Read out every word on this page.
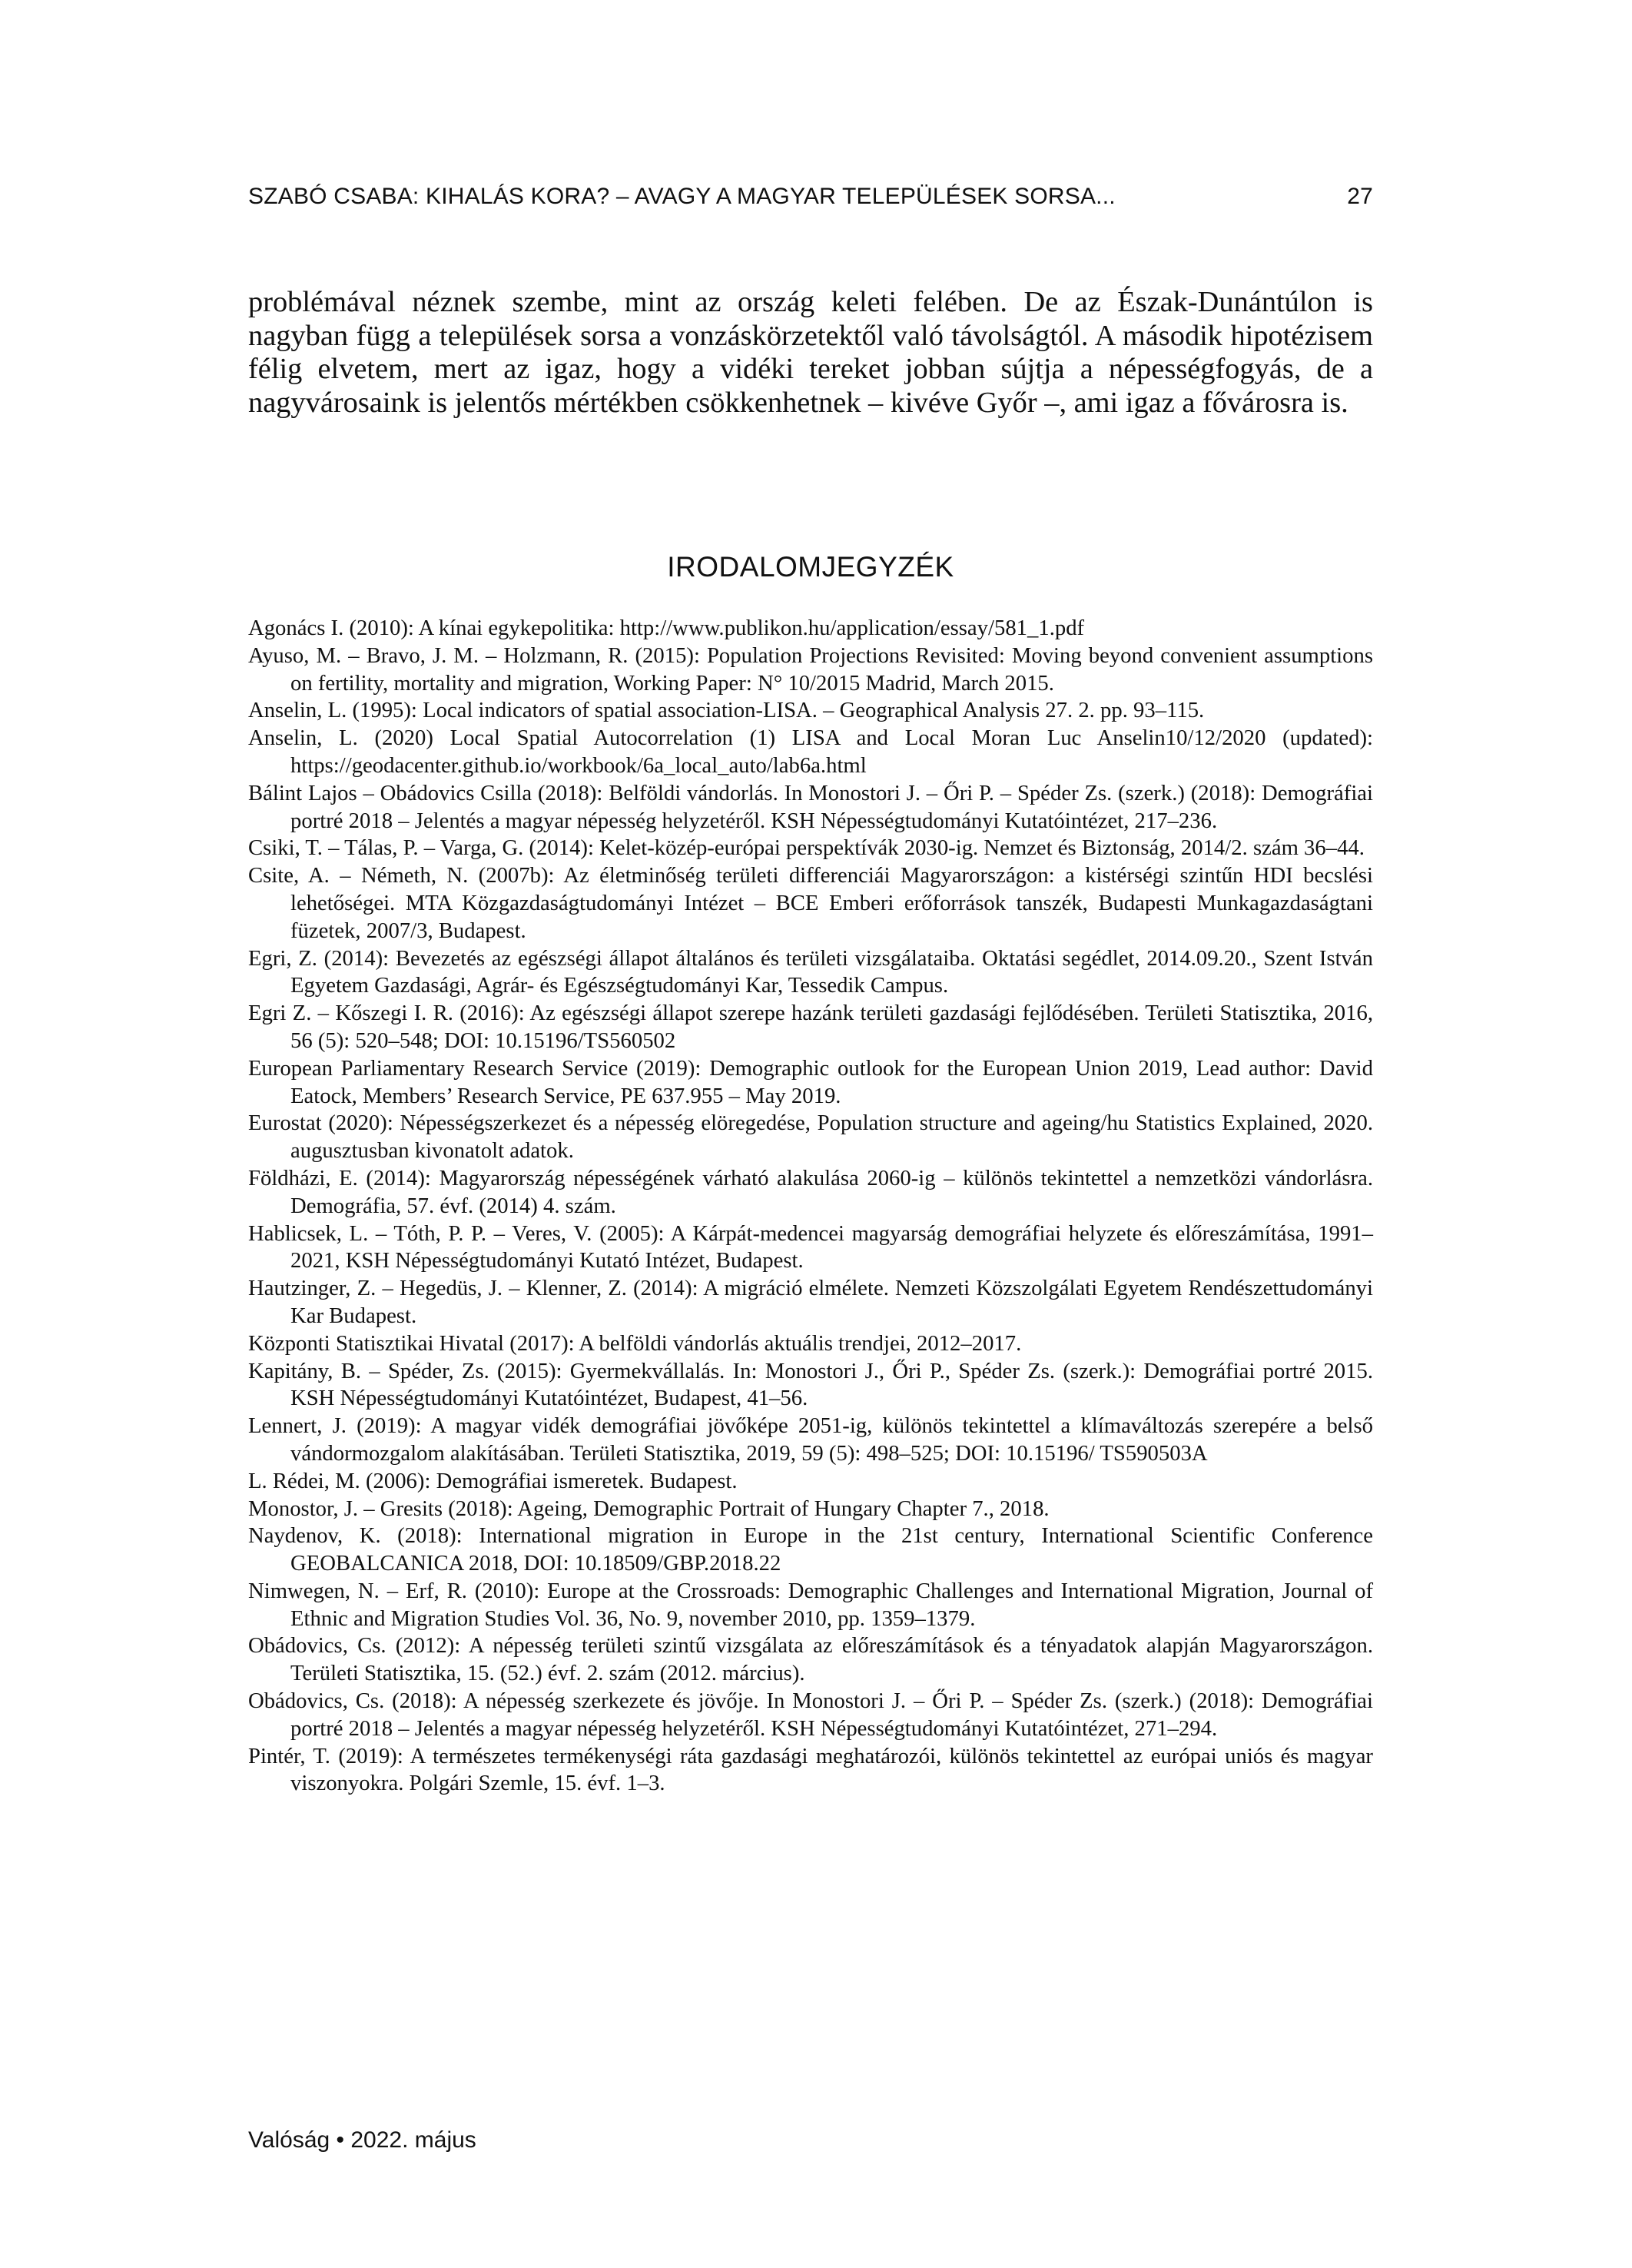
SZABÓ CSABA: KIHALÁS KORA? – AVAGY A MAGYAR TELEPÜLÉSEK SORSA...	27

problémával néznek szembe, mint az ország keleti felében. De az Észak-Dunántúlon is nagyban függ a települések sorsa a vonzáskörzetektől való távolságtól. A második hipotézisem félig elvetem, mert az igaz, hogy a vidéki tereket jobban sújtja a népességfogyás, de a nagyvárosaink is jelentős mértékben csökkenhetnek – kivéve Győr –, ami igaz a fővárosra is.

IRODALOMJEGYZÉK
Agonács I. (2010): A kínai egykepolitika: http://www.publikon.hu/application/essay/581_1.pdf
Ayuso, M. – Bravo, J. M. – Holzmann, R. (2015): Population Projections Revisited: Moving beyond convenient assumptions on fertility, mortality and migration, Working Paper: N° 10/2015 Madrid, March 2015.
Anselin, L. (1995): Local indicators of spatial association-LISA. – Geographical Analysis 27. 2. pp. 93–115.
Anselin, L. (2020) Local Spatial Autocorrelation (1) LISA and Local Moran Luc Anselin10/12/2020 (updated): https://geodacenter.github.io/workbook/6a_local_auto/lab6a.html
Bálint Lajos – Obádovics Csilla (2018): Belföldi vándorlás. In Monostori J. – Őri P. – Spéder Zs. (szerk.) (2018): Demográfiai portré 2018 – Jelentés a magyar népesség helyzetéről. KSH Népességtudományi Kutatóintézet, 217–236.
Csiki, T. – Tálas, P. – Varga, G. (2014): Kelet-közép-európai perspektívák 2030-ig. Nemzet és Biztonság, 2014/2. szám 36–44.
Csite, A. – Németh, N. (2007b): Az életminőség területi differenciái Magyarországon: a kistérségi szintűn HDI becslési lehetőségei. MTA Közgazdaságtudományi Intézet – BCE Emberi erőforrások tanszék, Budapesti Munkagazdaságtani füzetek, 2007/3, Budapest.
Egri, Z. (2014): Bevezetés az egészségi állapot általános és területi vizsgálataiba. Oktatási segédlet, 2014.09.20., Szent István Egyetem Gazdasági, Agrár- és Egészségtudományi Kar, Tessedik Campus.
Egri Z. – Kőszegi I. R. (2016): Az egészségi állapot szerepe hazánk területi gazdasági fejlődésében. Területi Statisztika, 2016, 56 (5): 520–548; DOI: 10.15196/TS560502
European Parliamentary Research Service (2019): Demographic outlook for the European Union 2019, Lead author: David Eatock, Members’ Research Service, PE 637.955 – May 2019.
Eurostat (2020): Népességszerkezet és a népesség elöregedése, Population structure and ageing/hu Statistics Explained, 2020. augusztusban kivonatolt adatok.
Földházi, E. (2014): Magyarország népességének várható alakulása 2060-ig – különös tekintettel a nemzetközi vándorlásra. Demográfia, 57. évf. (2014) 4. szám.
Hablicsek, L. – Tóth, P. P. – Veres, V. (2005): A Kárpát-medencei magyarság demográfiai helyzete és előreszámítása, 1991–2021, KSH Népességtudományi Kutató Intézet, Budapest.
Hautzinger, Z. – Hegedüs, J. – Klenner, Z. (2014): A migráció elmélete. Nemzeti Közszolgálati Egyetem Rendészettudományi Kar Budapest.
Központi Statisztikai Hivatal (2017): A belföldi vándorlás aktuális trendjei, 2012–2017.
Kapitány, B. – Spéder, Zs. (2015): Gyermekvállalás. In: Monostori J., Őri P., Spéder Zs. (szerk.): Demográfiai portré 2015. KSH Népességtudományi Kutatóintézet, Budapest, 41–56.
Lennert, J. (2019): A magyar vidék demográfiai jövőképe 2051-ig, különös tekintettel a klímaváltozás szerepére a belső vándormozgalom alakításában. Területi Statisztika, 2019, 59 (5): 498–525; DOI: 10.15196/ TS590503A
L. Rédei, M. (2006): Demográfiai ismeretek. Budapest.
Monostor, J. – Gresits (2018): Ageing, Demographic Portrait of Hungary Chapter 7., 2018.
Naydenov, K. (2018): International migration in Europe in the 21st century, International Scientific Conference GEOBALCANICA 2018, DOI: 10.18509/GBP.2018.22
Nimwegen, N. – Erf, R. (2010): Europe at the Crossroads: Demographic Challenges and International Migration, Journal of Ethnic and Migration Studies Vol. 36, No. 9, november 2010, pp. 1359–1379.
Obádovics, Cs. (2012): A népesség területi szintű vizsgálata az előreszámítások és a tényadatok alapján Magyarországon. Területi Statisztika, 15. (52.) évf. 2. szám (2012. március).
Obádovics, Cs. (2018): A népesség szerkezete és jövője. In Monostori J. – Őri P. – Spéder Zs. (szerk.) (2018): Demográfiai portré 2018 – Jelentés a magyar népesség helyzetéről. KSH Népességtudományi Kutatóintézet, 271–294.
Pintér, T. (2019): A természetes termékenységi ráta gazdasági meghatározói, különös tekintettel az európai uniós és magyar viszonyokra. Polgári Szemle, 15. évf. 1–3.
Valóság • 2022. május
